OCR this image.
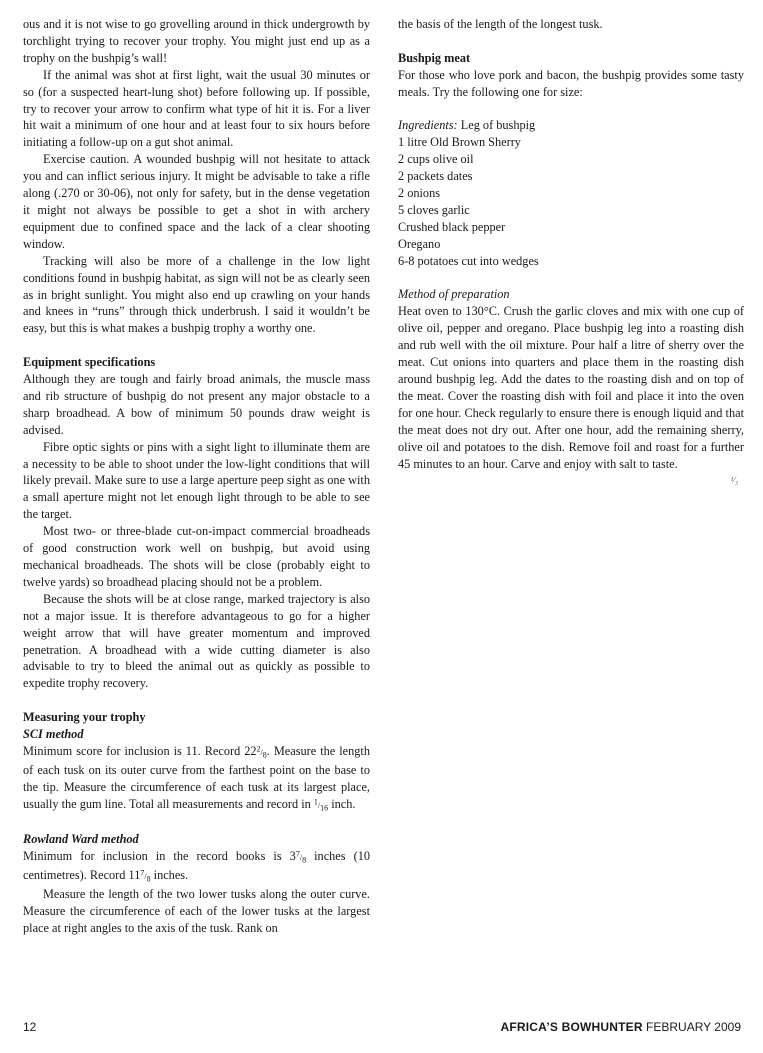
ous and it is not wise to go grovelling around in thick undergrowth by torchlight trying to recover your trophy. You might just end up as a trophy on the bushpig’s wall!

If the animal was shot at first light, wait the usual 30 minutes or so (for a suspected heart-lung shot) before following up. If possible, try to recover your arrow to confirm what type of hit it is. For a liver hit wait a minimum of one hour and at least four to six hours before initiating a follow-up on a gut shot animal.

Exercise caution. A wounded bushpig will not hesitate to attack you and can inflict serious injury. It might be advisable to take a rifle along (.270 or 30-06), not only for safety, but in the dense vegetation it might not always be possible to get a shot in with archery equipment due to confined space and the lack of a clear shooting window.

Tracking will also be more of a challenge in the low light conditions found in bushpig habitat, as sign will not be as clearly seen as in bright sunlight. You might also end up crawling on your hands and knees in “runs” through thick underbrush. I said it wouldn’t be easy, but this is what makes a bushpig trophy a worthy one.

Equipment specifications

Although they are tough and fairly broad animals, the muscle mass and rib structure of bushpig do not present any major obstacle to a sharp broadhead. A bow of minimum 50 pounds draw weight is advised.

Fibre optic sights or pins with a sight light to illuminate them are a necessity to be able to shoot under the low-light conditions that will likely prevail. Make sure to use a large aperture peep sight as one with a small aperture might not let enough light through to be able to see the target.

Most two- or three-blade cut-on-impact commercial broadheads of good construction work well on bushpig, but avoid using mechanical broadheads. The shots will be close (probably eight to twelve yards) so broadhead placing should not be a problem.

Because the shots will be at close range, marked trajectory is also not a major issue. It is therefore advantageous to go for a higher weight arrow that will have greater momentum and improved penetration. A broadhead with a wide cutting diameter is also advisable to try to bleed the animal out as quickly as possible to expedite trophy recovery.

Measuring your trophy

SCI method

Minimum score for inclusion is 11. Record $22^2/_8$. Measure the length of each tusk on its outer curve from the farthest point on the base to the tip. Measure the circumference of each tusk at its largest place, usually the gum line. Total all measurements and record in $^1/_{16}$ inch.

Rowland Ward method

Minimum for inclusion in the record books is $3^7/_8$ inches (10 centimetres). Record $11^7/_8$ inches.

Measure the length of the two lower tusks along the outer curve. Measure the circumference of each of the lower tusks at the largest place at right angles to the axis of the tusk. Rank on

the basis of the length of the longest tusk.

Bushpig meat

For those who love pork and bacon, the bushpig provides some tasty meals. Try the following one for size:

Ingredients: Leg of bushpig

1 litre Old Brown Sherry

2 cups olive oil

2 packets dates

2 onions

5 cloves garlic

Crushed black pepper

Oregano

6-8 potatoes cut into wedges

Method of preparation

Heat oven to 130°C. Crush the garlic cloves and mix with one cup of olive oil, pepper and oregano. Place bushpig leg into a roasting dish and rub well with the oil mixture. Pour half a litre of sherry over the meat. Cut onions into quarters and place them in the roasting dish around bushpig leg. Add the dates to the roasting dish and on top of the meat. Cover the roasting dish with foil and place it into the oven for one hour. Check regularly to ensure there is enough liquid and that the meat does not dry out. After one hour, add the remaining sherry, olive oil and potatoes to the dish. Remove foil and roast for a further 45 minutes to an hour. Carve and enjoy with salt to taste.

¹⁄₃
12	AFRICA’S BOWHUNTER FEBRUARY 2009
